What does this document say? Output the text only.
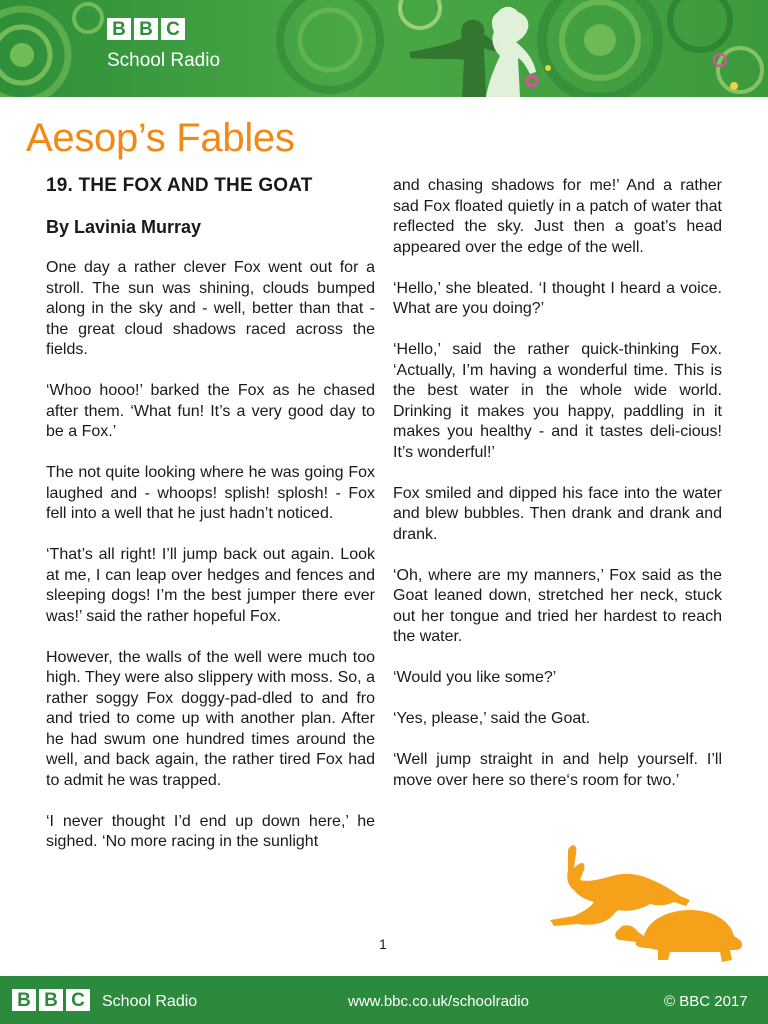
B B C
School Radio
Aesop’s Fables
19. THE FOX AND THE GOAT
By Lavinia Murray

One day a rather clever Fox went out for a stroll. The sun was shining, clouds bumped along in the sky and - well, better than that - the great cloud shadows raced across the fields.

‘Whoo hooo!’ barked the Fox as he chased after them. ‘What fun! It’s a very good day to be a Fox.’

The not quite looking where he was going Fox laughed and - whoops! splish! splosh! - Fox fell into a well that he just hadn’t noticed.

‘That’s all right! I’ll jump back out again. Look at me, I can leap over hedges and fences and sleeping dogs! I’m the best jumper there ever was!’ said the rather hopeful Fox.

However, the walls of the well were much too high. They were also slippery with moss. So, a rather soggy Fox doggy-pad-dled to and fro and tried to come up with another plan. After he had swum one hundred times around the well, and back again, the rather tired Fox had to admit he was trapped.

‘I never thought I’d end up down here,’ he sighed. ‘No more racing in the sunlight

and chasing shadows for me!’ And a rather sad Fox floated quietly in a patch of water that reflected the sky. Just then a goat’s head appeared over the edge of the well.

‘Hello,’ she bleated. ‘I thought I heard a voice. What are you doing?’

‘Hello,’ said the rather quick-thinking Fox. ‘Actually, I’m having a wonderful time. This is the best water in the whole wide world. Drinking it makes you happy, paddling in it makes you healthy - and it tastes deli-cious! It’s wonderful!’

Fox smiled and dipped his face into the water and blew bubbles. Then drank and drank and drank.

‘Oh, where are my manners,’ Fox said as the Goat leaned down, stretched her neck, stuck out her tongue and tried her hardest to reach the water.

‘Would you like some?’

‘Yes, please,’ said the Goat.

‘Well jump straight in and help yourself. I’ll move over here so there‘s room for two.’

1
B B C	School Radio	www.bbc.co.uk/schoolradio	© BBC 2017
